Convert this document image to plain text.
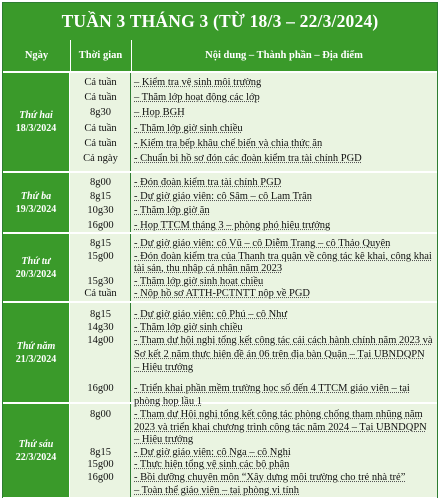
TUẦN 3 THÁNG 3 (TỪ 18/3 – 22/3/2024)
Ngày	Thời gian	Nội dung – Thành phần – Địa điểm
Thứ hai
18/3/2024
Cả tuần
Cả tuần
8g30
Cả tuần
Cả tuần
Cả ngày
– Kiểm tra vệ sinh môi trường
– Thăm lớp hoạt động các lớp
– Họp BGH
- Thăm lớp giờ sinh chiều
- Kiểm tra bếp khâu chế biến và chia thức ăn
- Chuẩn bị hồ sơ đón các đoàn kiểm tra tài chính PGD
Thứ ba
19/3/2024
8g00
8g15
10g30
16g00
- Đón đoàn kiểm tra tài chính PGD
- Dự giờ giáo viên: cô Sâm – cô Lam Trân
- Thăm lớp giờ ăn
- Họp TTCM tháng 3 – phòng phó hiệu trưởng
Thứ tư
20/3/2024
8g15
15g00
15g30
Cả tuần
- Dự giờ giáo viên: cô Vũ – cô Diễm Trang – cô Thảo Quyên
- Đón đoàn kiểm tra của Thanh tra quận về công tác kê khai, công khai
tài sản, thu nhập cá nhân năm 2023
- Thăm lớp giờ sinh hoạt chiều
- Nộp hồ sơ ATTH-PCTNTT nộp về PGD
Thứ năm
21/3/2024
8g15
14g30
14g00
16g00
- Dự giờ giáo viên: cô Phú – cô Như
- Thăm lớp giờ sinh chiều
- Tham dự hội nghị tổng kết công tác cải cách hành chính năm 2023 và
Sơ kết 2 năm thực hiện đề án 06 trên địa bàn Quận – Tại UBNDQPN
– Hiệu trưởng
- Triển khai phần mềm trường học số đến 4 TTCM giáo viên – tại
phòng họp lầu 1
Thứ sáu
22/3/2024
8g00
8g15
15g00
16g00
- Tham dự Hội nghị tổng kết công tác phòng chống tham nhũng năm
2023 và triển khai chương trình công tác năm 2024 – Tại UBNDQPN
– Hiệu trưởng
- Dự giờ giáo viên: cô Nga – cô Nghi
- Thực hiện tổng vệ sinh các bộ phận
- Bồi dưỡng chuyên môn “Xây dựng môi trường cho trẻ nhà trẻ”
– Toàn thể giáo viên – tại phòng vi tính
